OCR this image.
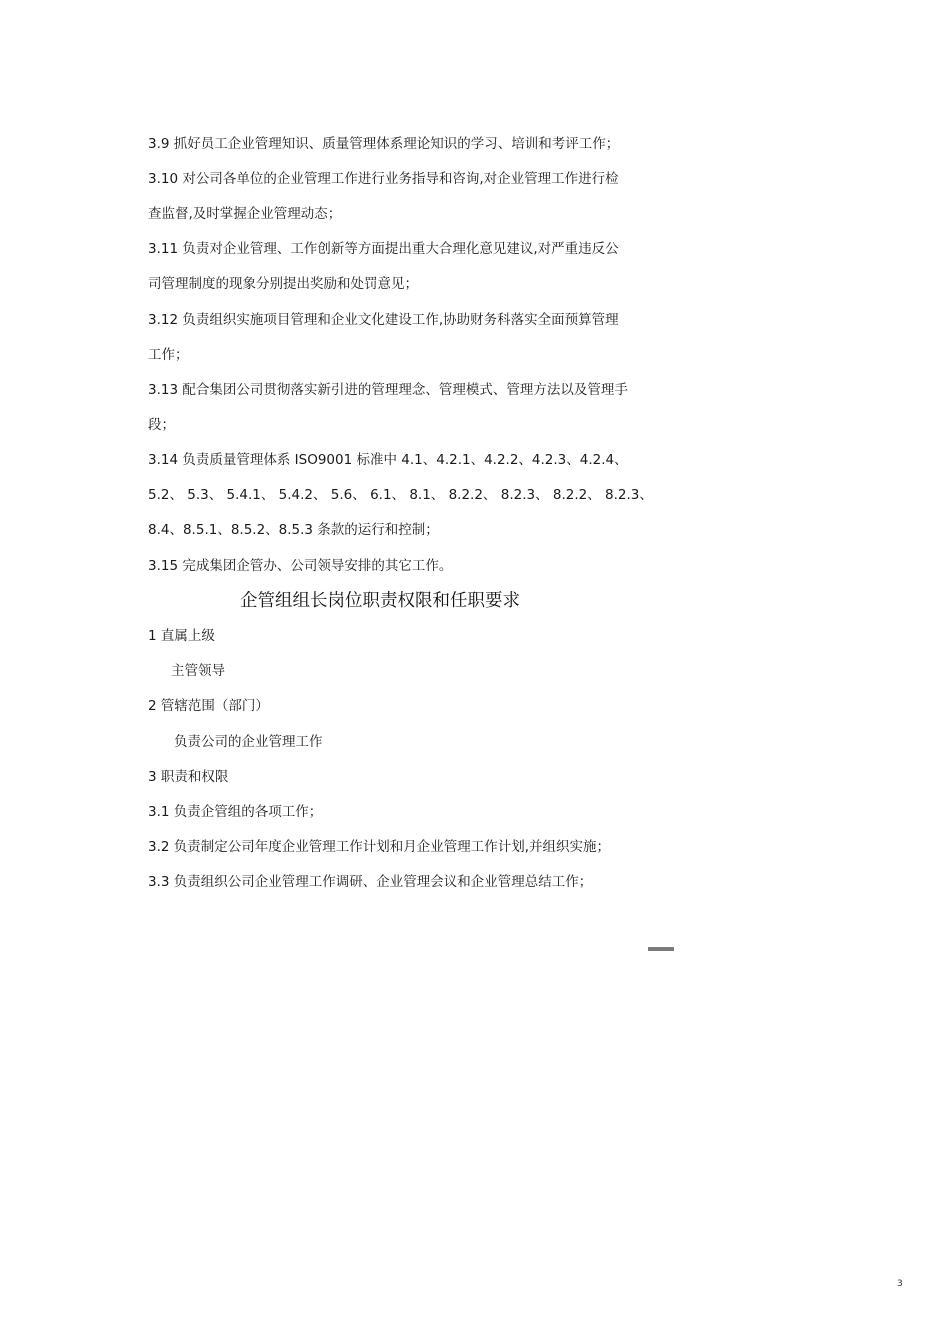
3.9 抓好员工企业管理知识、质量管理体系理论知识的学习、培训和考评工作；
3.10 对公司各单位的企业管理工作进行业务指导和咨询,对企业管理工作进行检
查监督,及时掌握企业管理动态；
3.11 负责对企业管理、工作创新等方面提出重大合理化意见建议,对严重违反公
司管理制度的现象分别提出奖励和处罚意见；
3.12 负责组织实施项目管理和企业文化建设工作,协助财务科落实全面预算管理
工作；
3.13 配合集团公司贯彻落实新引进的管理理念、管理模式、管理方法以及管理手
段；
3.14 负责质量管理体系 ISO9001 标准中 4.1、4.2.1、4.2.2、4.2.3、4.2.4、
5.2、 5.3、 5.4.1、 5.4.2、 5.6、 6.1、 8.1、 8.2.2、 8.2.3、 8.2.2、 8.2.3、
8.4、8.5.1、8.5.2、8.5.3 条款的运行和控制；
3.15 完成集团企管办、公司领导安排的其它工作。
企管组组长岗位职责权限和任职要求
1 直属上级
主管领导
2 管辖范围（部门）
负责公司的企业管理工作
3 职责和权限
3.1 负责企管组的各项工作；
3.2 负责制定公司年度企业管理工作计划和月企业管理工作计划,并组织实施；
3.3 负责组织公司企业管理工作调研、企业管理会议和企业管理总结工作；
3
